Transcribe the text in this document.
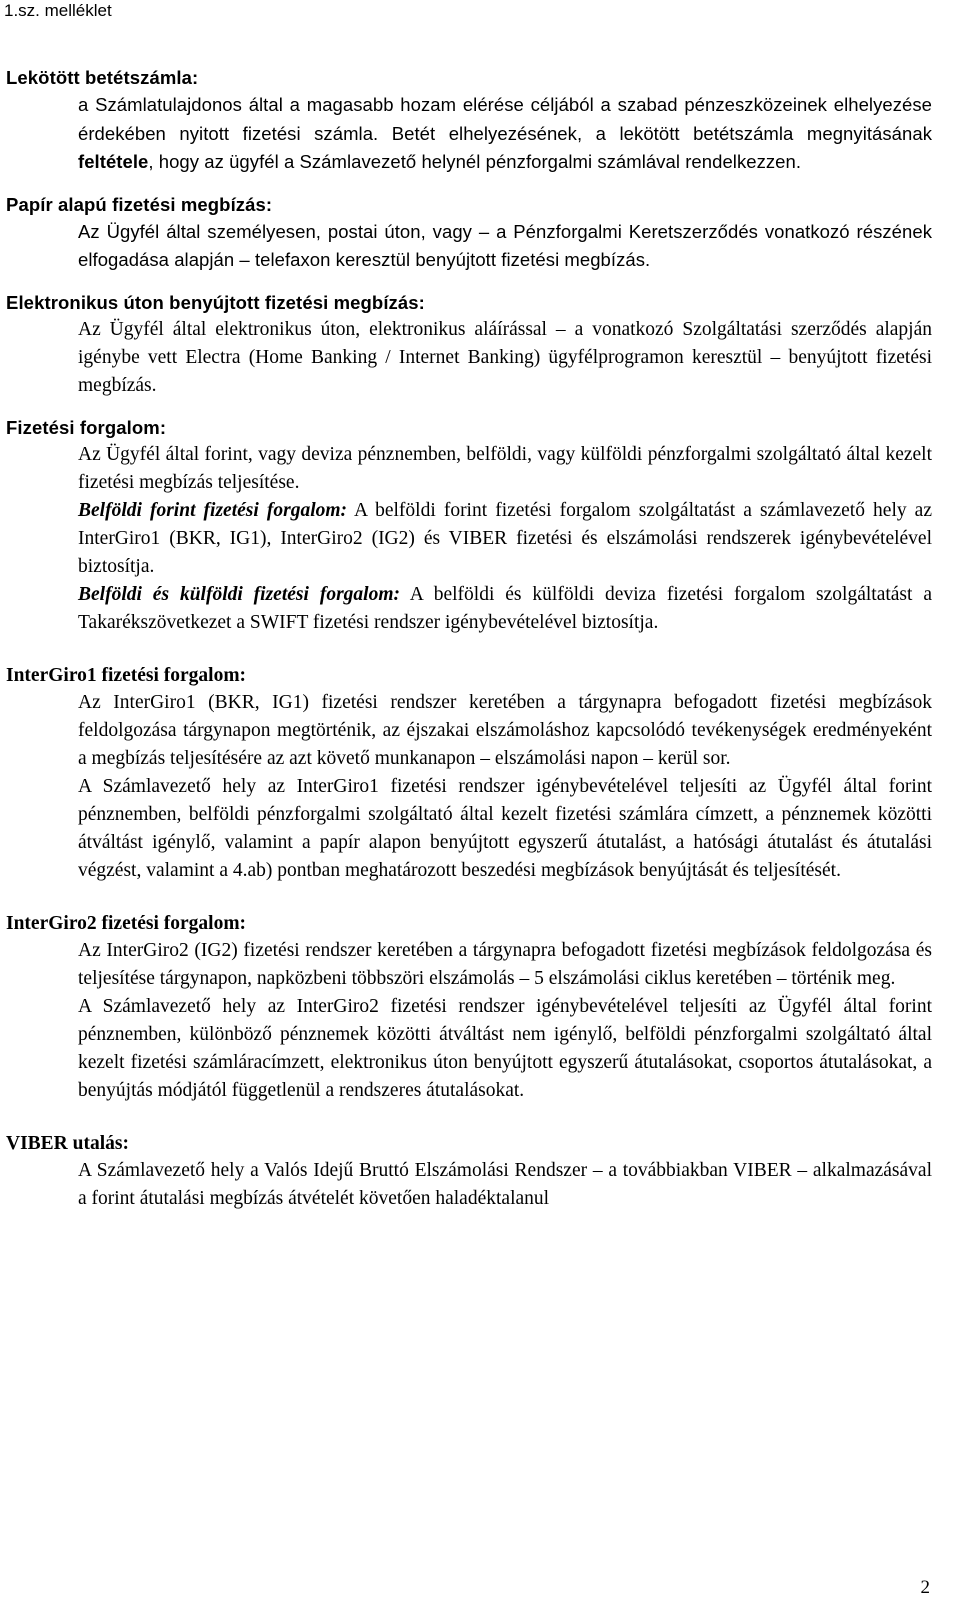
1.sz. melléklet

Lekötött betétszámla:

a Számlatulajdonos által a magasabb hozam elérése céljából a szabad pénzeszközeinek elhelyezése érdekében nyitott fizetési számla. Betét elhelyezésének, a lekötött betétszámla megnyitásának feltétele, hogy az ügyfél a Számlavezető helynél pénzforgalmi számlával rendelkezzen.

Papír alapú fizetési megbízás:

Az Ügyfél által személyesen, postai úton, vagy – a Pénzforgalmi Keretszerződés vonatkozó részének elfogadása alapján – telefaxon keresztül benyújtott fizetési megbízás.

Elektronikus úton benyújtott fizetési megbízás:

Az Ügyfél által elektronikus úton, elektronikus aláírással – a vonatkozó Szolgáltatási szerződés alapján igénybe vett Electra (Home Banking / Internet Banking) ügyfélprogramon keresztül – benyújtott fizetési megbízás.

Fizetési forgalom:

Az Ügyfél által forint, vagy deviza pénznemben, belföldi, vagy külföldi pénzforgalmi szolgáltató által kezelt fizetési megbízás teljesítése.

Belföldi forint fizetési forgalom: A belföldi forint fizetési forgalom szolgáltatást a számlavezető hely az InterGiro1 (BKR, IG1), InterGiro2 (IG2) és VIBER fizetési és elszámolási rendszerek igénybevételével biztosítja.

Belföldi és külföldi fizetési forgalom: A belföldi és külföldi deviza fizetési forgalom szolgáltatást a Takarékszövetkezet a SWIFT fizetési rendszer igénybevételével biztosítja.

InterGiro1 fizetési forgalom:

Az InterGiro1 (BKR, IG1) fizetési rendszer keretében a tárgynapra befogadott fizetési megbízások feldolgozása tárgynapon megtörténik, az éjszakai elszámoláshoz kapcsolódó tevékenységek eredményeként a megbízás teljesítésére az azt követő munkanapon – elszámolási napon – kerül sor.

A Számlavezető hely az InterGiro1 fizetési rendszer igénybevételével teljesíti az Ügyfél által forint pénznemben, belföldi pénzforgalmi szolgáltató által kezelt fizetési számlára címzett, a pénznemek közötti átváltást igénylő, valamint a papír alapon benyújtott egyszerű átutalást, a hatósági átutalást és átutalási végzést, valamint a 4.ab) pontban meghatározott beszedési megbízások benyújtását és teljesítését.

InterGiro2 fizetési forgalom:

Az InterGiro2 (IG2) fizetési rendszer keretében a tárgynapra befogadott fizetési megbízások feldolgozása és teljesítése tárgynapon, napközbeni többszöri elszámolás – 5 elszámolási ciklus keretében – történik meg.

A Számlavezető hely az InterGiro2 fizetési rendszer igénybevételével teljesíti az Ügyfél által forint pénznemben, különböző pénznemek közötti átváltást nem igénylő, belföldi pénzforgalmi szolgáltató által kezelt fizetési számláracímzett, elektronikus úton benyújtott egyszerű átutalásokat, csoportos átutalásokat, a benyújtás módjától függetlenül a rendszeres átutalásokat.

VIBER utalás:

A Számlavezető hely a Valós Idejű Bruttó Elszámolási Rendszer – a továbbiakban VIBER – alkalmazásával a forint átutalási megbízás átvételét követően haladéktalanul

2
